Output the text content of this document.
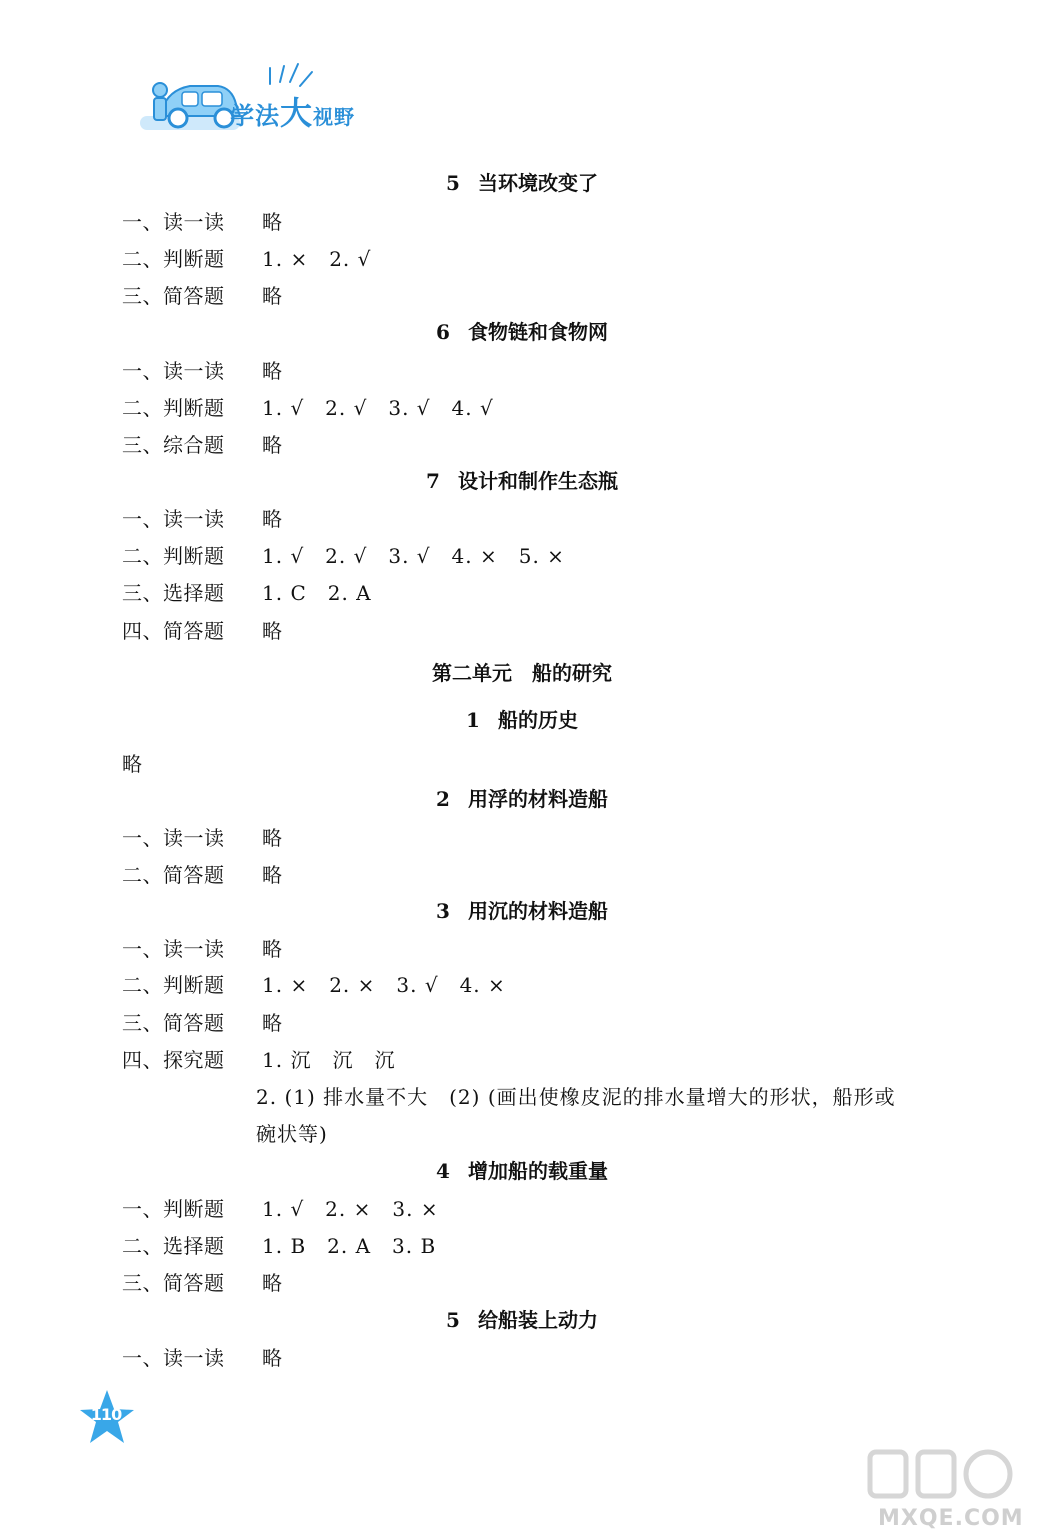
学法大视野
5 当环境改变了
一、读一读 略
二、判断题 1. ×　2. √
三、简答题 略
6 食物链和食物网
一、读一读 略
二、判断题 1. √　2. √　3. √　4. √
三、综合题 略
7 设计和制作生态瓶
一、读一读 略
二、判断题 1. √　2. √　3. √　4. ×　5. ×
三、选择题 1. C　2. A
四、简答题 略
第二单元　船的研究
1 船的历史
略
2 用浮的材料造船
一、读一读 略
二、简答题 略
3 用沉的材料造船
一、读一读 略
二、判断题 1. ×　2. ×　3. √　4. ×
三、简答题 略
四、探究题 1. 沉　沉　沉
2. (1) 排水量不大　(2) (画出使橡皮泥的排水量增大的形状，船形或
碗状等)
4 增加船的载重量
一、判断题 1. √　2. ×　3. ×
二、选择题 1. B　2. A　3. B
三、简答题 略
5 给船装上动力
一、读一读 略
110
MXQE.COM
